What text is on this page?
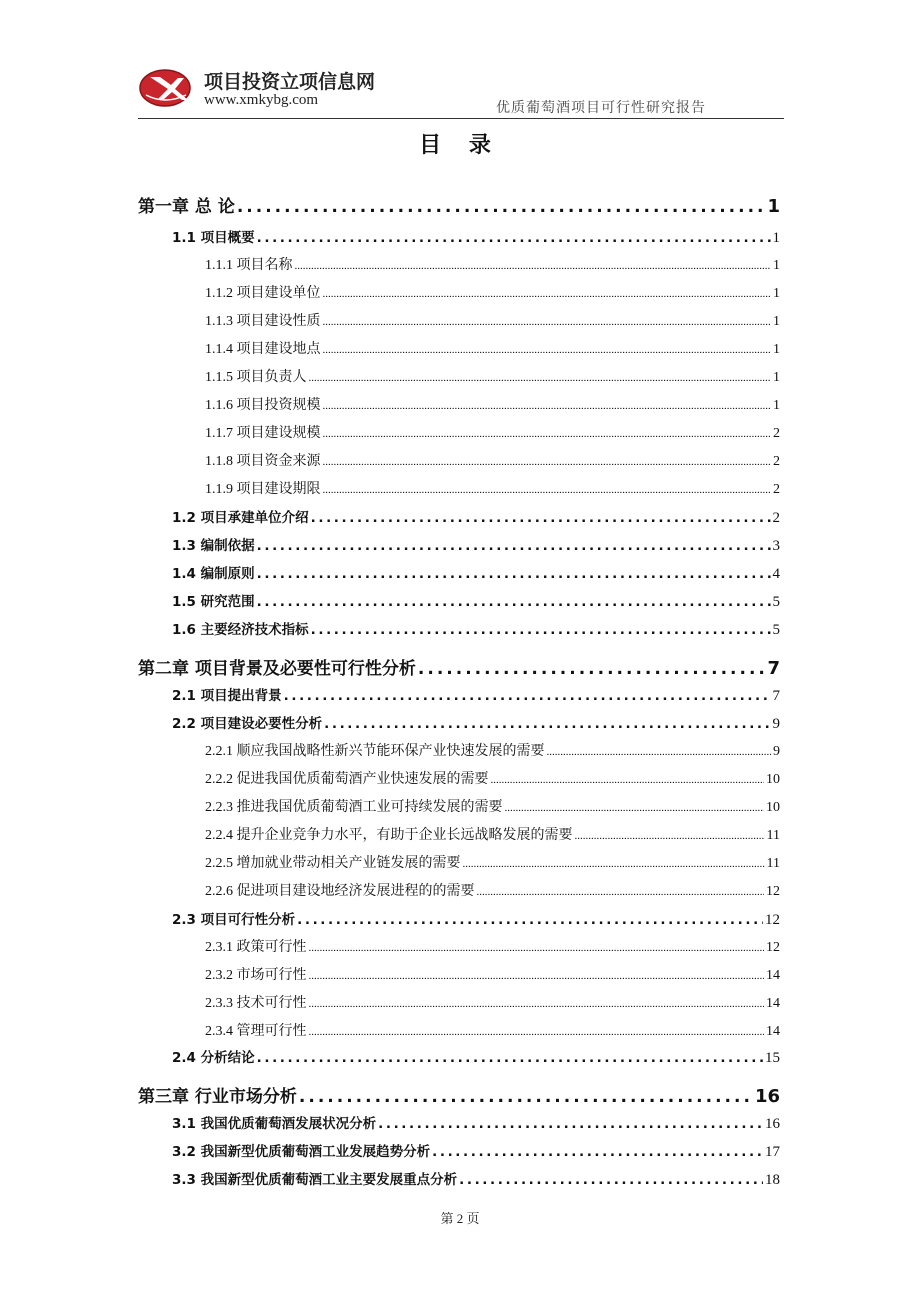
项目投资立项信息网
www.xmkybg.com	优质葡萄酒项目可行性研究报告
目 录
第一章 总 论 .....	1
1.1 项目概要 .....	1
1.1.1 项目名称 .....	1
1.1.2 项目建设单位 .....	1
1.1.3 项目建设性质 .....	1
1.1.4 项目建设地点 .....	1
1.1.5 项目负责人 .....	1
1.1.6 项目投资规模 .....	1
1.1.7 项目建设规模 .....	2
1.1.8 项目资金来源 .....	2
1.1.9 项目建设期限 .....	2
1.2 项目承建单位介绍 .....	2
1.3 编制依据 .....	3
1.4 编制原则 .....	4
1.5 研究范围 .....	5
1.6 主要经济技术指标 .....	5
第二章 项目背景及必要性可行性分析 .....	7
2.1 项目提出背景 .....	7
2.2 项目建设必要性分析 .....	9
2.2.1 顺应我国战略性新兴节能环保产业快速发展的需要 .....	9
2.2.2 促进我国优质葡萄酒产业快速发展的需要 .....	10
2.2.3 推进我国优质葡萄酒工业可持续发展的需要 .....	10
2.2.4 提升企业竞争力水平，有助于企业长远战略发展的需要 .....	11
2.2.5 增加就业带动相关产业链发展的需要 .....	11
2.2.6 促进项目建设地经济发展进程的的需要 .....	12
2.3 项目可行性分析 .....	12
2.3.1 政策可行性 .....	12
2.3.2 市场可行性 .....	14
2.3.3 技术可行性 .....	14
2.3.4 管理可行性 .....	14
2.4 分析结论 .....	15
第三章 行业市场分析 .....	16
3.1 我国优质葡萄酒发展状况分析 .....	16
3.2 我国新型优质葡萄酒工业发展趋势分析 .....	17
3.3 我国新型优质葡萄酒工业主要发展重点分析 .....	18
第 2 页
